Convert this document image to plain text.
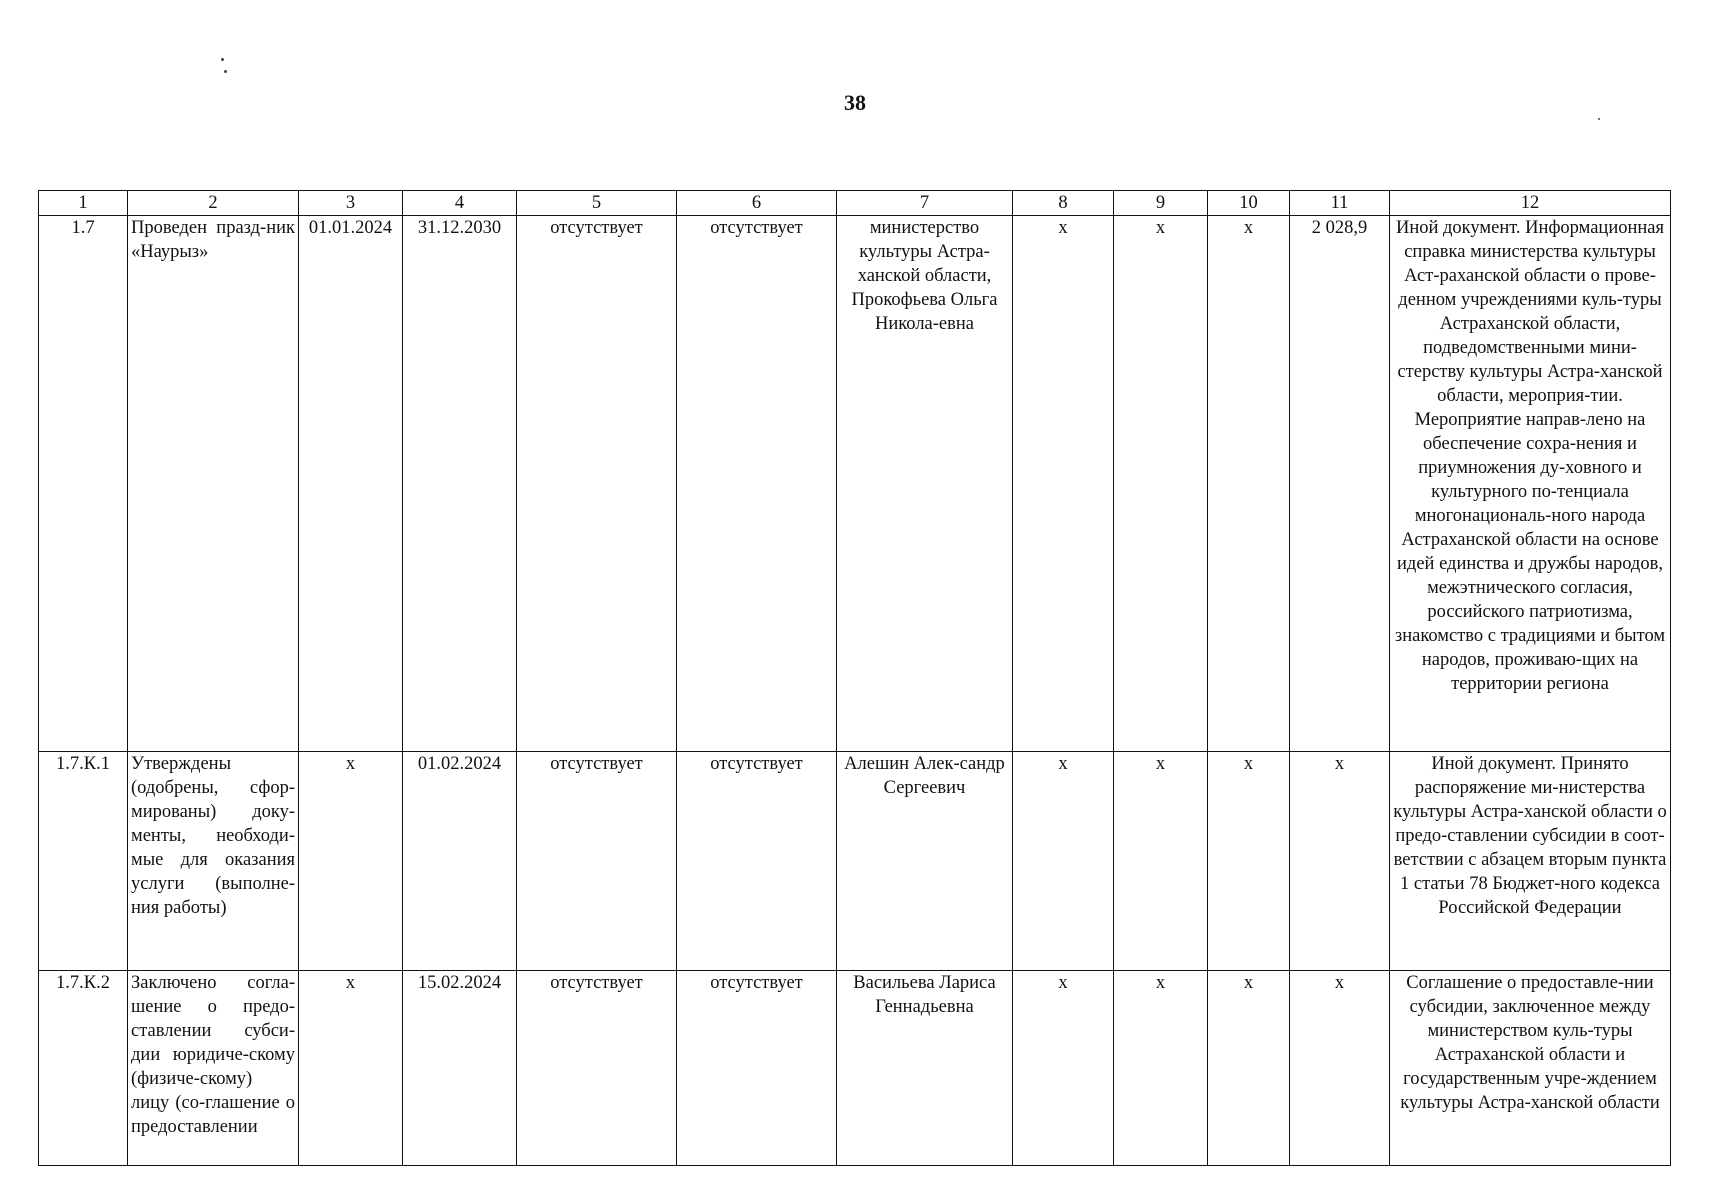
38
1	2	3	4	5	6	7	8	9	10	11	12
1.7	Проведен празд-ник «Наурыз»	01.01.2024	31.12.2030	отсутствует	отсутствует	министерство культуры Астра-ханской области, Прокофьева Ольга Никола-евна	х	х	х	2 028,9	Иной документ. Информационная справка министерства культуры Аст-раханской области о прове-денном учреждениями куль-туры Астраханской области, подведомственными мини-стерству культуры Астра-ханской области, мероприя-тии. Мероприятие направ-лено на обеспечение сохра-нения и приумножения ду-ховного и культурного по-тенциала многонациональ-ного народа Астраханской области на основе идей единства и дружбы народов, межэтнического согласия, российского патриотизма, знакомство с традициями и бытом народов, проживаю-щих на территории региона
1.7.К.1	Утверждены (одобрены, сфор-мированы) доку-менты, необходи-мые для оказания услуги (выполне-ния работы)	х	01.02.2024	отсутствует	отсутствует	Алешин Алек-сандр Сергеевич	х	х	х	х	Иной документ. Принято распоряжение ми-нистерства культуры Астра-ханской области о предо-ставлении субсидии в соот-ветствии с абзацем вторым пункта 1 статьи 78 Бюджет-ного кодекса Российской Федерации
1.7.К.2	Заключено согла-шение о предо-ставлении субси-дии юридиче-скому (физиче-скому) лицу (со-глашение о предоставлении	х	15.02.2024	отсутствует	отсутствует	Васильева Лариса Геннадьевна	х	х	х	х	Соглашение о предоставле-нии субсидии, заключенное между министерством куль-туры Астраханской области и государственным учре-ждением культуры Астра-ханской области
